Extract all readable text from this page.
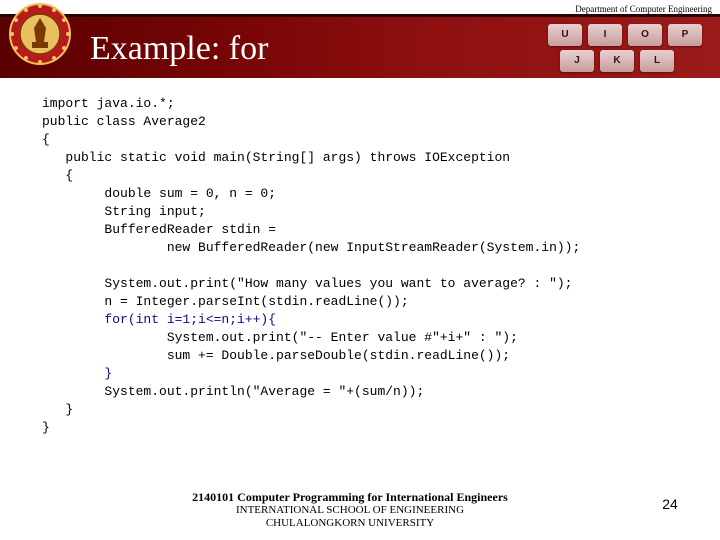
Department of Computer Engineering
U	I	O	P
J	K	L
Example: for
import java.io.*;
public class Average2
{
public static void main(String[] args) throws IOException
{
double sum = 0, n = 0;
String input;
BufferedReader stdin =
new BufferedReader(new InputStreamReader(System.in));
System.out.print("How many values you want to average? : ");
n = Integer.parseInt(stdin.readLine());
for(int i=1;i<=n;i++){
System.out.print("-- Enter value #"+i+" : ");
sum += Double.parseDouble(stdin.readLine());
}
System.out.println("Average = "+(sum/n));
}
}
2140101 Computer Programming for International Engineers
INTERNATIONAL SCHOOL OF ENGINEERING
CHULALONGKORN UNIVERSITY
24
